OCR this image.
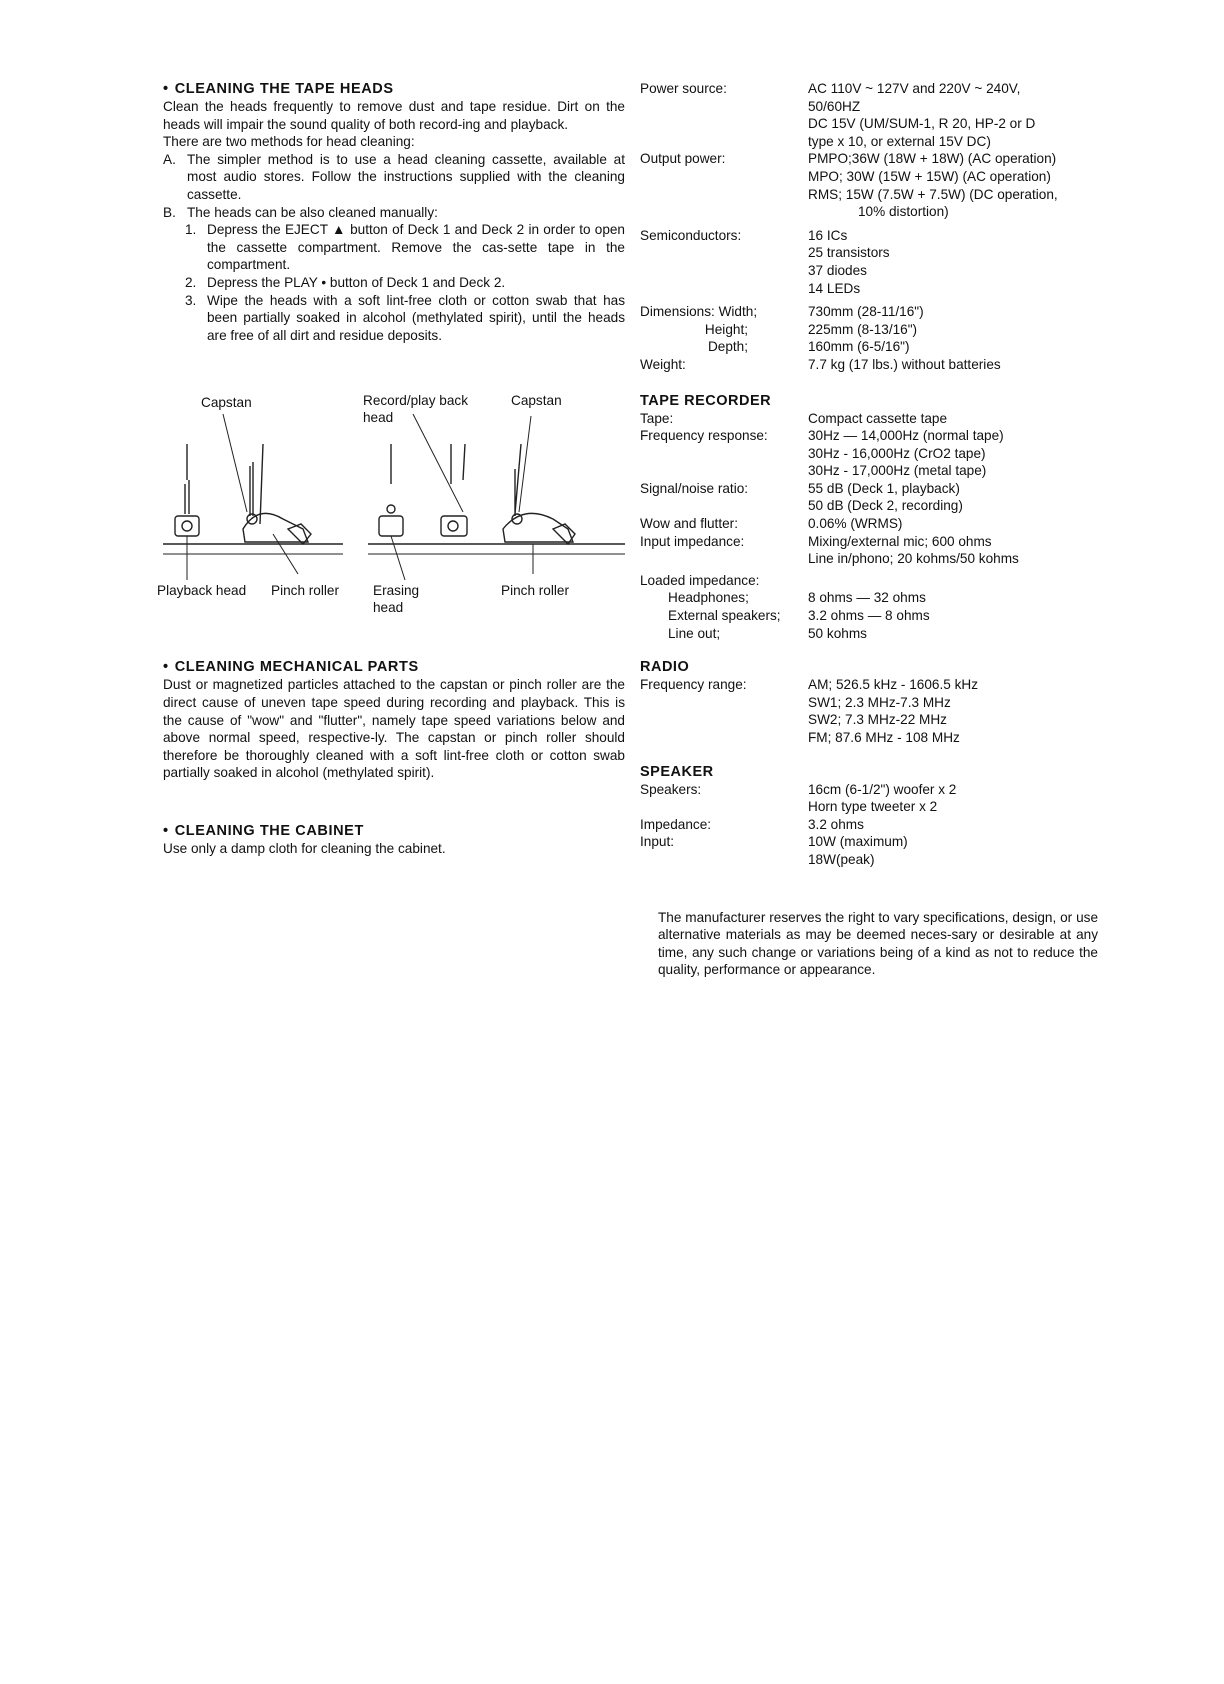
• CLEANING THE TAPE HEADS

Clean the heads frequently to remove dust and tape residue. Dirt on the heads will impair the sound quality of both record-ing and playback.

There are two methods for head cleaning:

A. The simpler method is to use a head cleaning cassette, available at most audio stores. Follow the instructions supplied with the cleaning cassette.
B. The heads can be also cleaned manually:
1. Depress the EJECT ▲ button of Deck 1 and Deck 2 in order to open the cassette compartment. Remove the cas-sette tape in the compartment.
2. Depress the PLAY • button of Deck 1 and Deck 2.
3. Wipe the heads with a soft lint-free cloth or cotton swab that has been partially soaked in alcohol (methylated spirit), until the heads are free of all dirt and residue deposits.
Capstan	Record/play back head
Capstan
Playback head Pinch roller	Erasing head
Pinch roller

• CLEANING MECHANICAL PARTS

Dust or magnetized particles attached to the capstan or pinch roller are the direct cause of uneven tape speed during recording and playback. This is the cause of "wow" and "flutter", namely tape speed variations below and above normal speed, respective-ly. The capstan or pinch roller should therefore be thoroughly cleaned with a soft lint-free cloth or cotton swab partially soaked in alcohol (methylated spirit).

• CLEANING THE CABINET

Use only a damp cloth for cleaning the cabinet.

Power source:	AC 110V ~ 127V and 220V ~ 240V,
50/60HZ
DC 15V (UM/SUM-1, R 20, HP-2 or D
type x 10, or external 15V DC)
Output power:	PMPO;36W (18W + 18W) (AC operation)
MPO; 30W (15W + 15W) (AC operation)
RMS; 15W (7.5W + 7.5W) (DC operation,
10% distortion)
Semiconductors:	16 ICs
25 transistors
37 diodes
14 LEDs
Dimensions: Width;	730mm (28-11/16")
Height;	225mm (8-13/16")
Depth;	160mm (6-5/16")
Weight:	7.7 kg (17 lbs.) without batteries
TAPE RECORDER
Tape:	Compact cassette tape
Frequency response:	30Hz — 14,000Hz (normal tape)
30Hz - 16,000Hz (CrO2 tape)
30Hz - 17,000Hz (metal tape)
Signal/noise ratio:	55 dB (Deck 1, playback)
50 dB (Deck 2, recording)
Wow and flutter:	0.06% (WRMS)
Input impedance:	Mixing/external mic; 600 ohms
Line in/phono; 20 kohms/50 kohms
Loaded impedance:
Headphones;	8 ohms — 32 ohms
External speakers;	3.2 ohms — 8 ohms
Line out;	50 kohms
RADIO
Frequency range:	AM; 526.5 kHz - 1606.5 kHz
SW1; 2.3 MHz-7.3 MHz
SW2; 7.3 MHz-22 MHz
FM; 87.6 MHz - 108 MHz
SPEAKER
Speakers:	16cm (6-1/2") woofer x 2
Horn type tweeter x 2
Impedance:	3.2 ohms
Input:	10W (maximum)
18W(peak)

The manufacturer reserves the right to vary specifications, design, or use alternative materials as may be deemed neces-sary or desirable at any time, any such change or variations being of a kind as not to reduce the quality, performance or appearance.
